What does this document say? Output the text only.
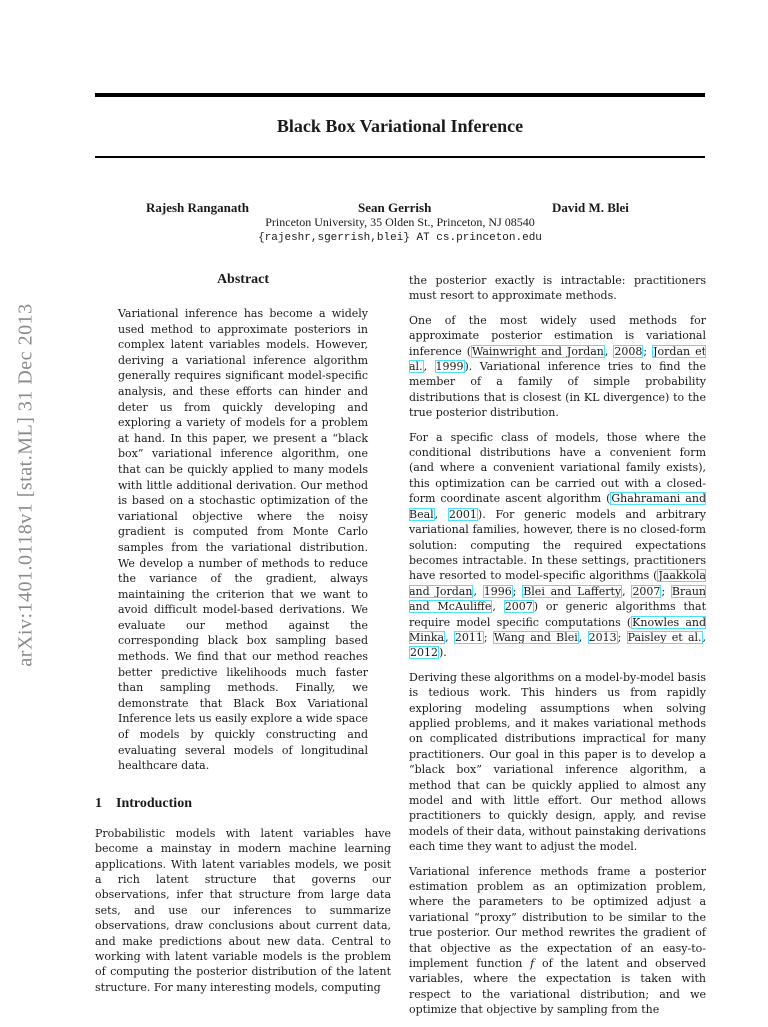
arXiv:1401.0118v1 [stat.ML] 31 Dec 2013
Black Box Variational Inference
Rajesh Ranganath	Sean Gerrish	David M. Blei
Princeton University, 35 Olden St., Princeton, NJ 08540
{rajeshr,sgerrish,blei} AT cs.princeton.edu
Abstract
Variational inference has become a widely used method to approximate posteriors in complex latent variables models. However, deriving a variational inference algorithm generally requires significant model-specific analysis, and these efforts can hinder and deter us from quickly developing and exploring a variety of models for a problem at hand. In this paper, we present a “black box” variational inference algorithm, one that can be quickly applied to many models with little additional derivation. Our method is based on a stochastic optimization of the variational objective where the noisy gradient is computed from Monte Carlo samples from the variational distribution. We develop a number of methods to reduce the variance of the gradient, always maintaining the criterion that we want to avoid difficult model-based derivations. We evaluate our method against the corresponding black box sampling based methods. We find that our method reaches better predictive likelihoods much faster than sampling methods. Finally, we demonstrate that Black Box Variational Inference lets us easily explore a wide space of models by quickly constructing and evaluating several models of longitudinal healthcare data.
1 Introduction

Probabilistic models with latent variables have become a mainstay in modern machine learning applications. With latent variables models, we posit a rich latent structure that governs our observations, infer that structure from large data sets, and use our inferences to summarize observations, draw conclusions about current data, and make predictions about new data. Central to working with latent variable models is the problem of computing the posterior distribution of the latent structure. For many interesting models, computing

the posterior exactly is intractable: practitioners must resort to approximate methods.

One of the most widely used methods for approximate posterior estimation is variational inference (Wainwright and Jordan, 2008; Jordan et al., 1999). Variational inference tries to find the member of a family of simple probability distributions that is closest (in KL divergence) to the true posterior distribution.

For a specific class of models, those where the conditional distributions have a convenient form (and where a convenient variational family exists), this optimization can be carried out with a closed-form coordinate ascent algorithm (Ghahramani and Beal, 2001). For generic models and arbitrary variational families, however, there is no closed-form solution: computing the required expectations becomes intractable. In these settings, practitioners have resorted to model-specific algorithms (Jaakkola and Jordan, 1996; Blei and Lafferty, 2007; Braun and McAuliffe, 2007) or generic algorithms that require model specific computations (Knowles and Minka, 2011; Wang and Blei, 2013; Paisley et al., 2012).

Deriving these algorithms on a model-by-model basis is tedious work. This hinders us from rapidly exploring modeling assumptions when solving applied problems, and it makes variational methods on complicated distributions impractical for many practitioners. Our goal in this paper is to develop a “black box” variational inference algorithm, a method that can be quickly applied to almost any model and with little effort. Our method allows practitioners to quickly design, apply, and revise models of their data, without painstaking derivations each time they want to adjust the model.

Variational inference methods frame a posterior estimation problem as an optimization problem, where the parameters to be optimized adjust a variational “proxy” distribution to be similar to the true posterior. Our method rewrites the gradient of that objective as the expectation of an easy-to-implement function f of the latent and observed variables, where the expectation is taken with respect to the variational distribution; and we optimize that objective by sampling from the
